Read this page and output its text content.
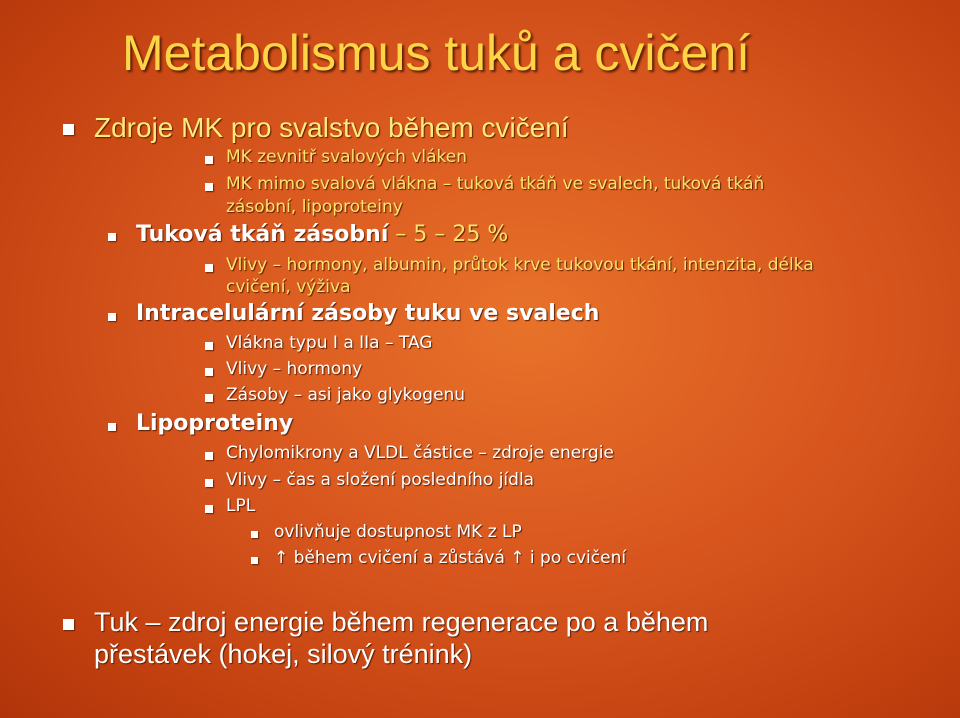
Metabolismus tuků a cvičení
Zdroje MK pro svalstvo během cvičení
MK zevnitř svalových vláken
MK mimo svalová vlákna – tuková tkáň ve svalech, tuková tkáň
zásobní, lipoproteiny
Tuková tkáň zásobní – 5 – 25 %
Vlivy – hormony, albumin, průtok krve tukovou tkání, intenzita, délka
cvičení, výživa
Intracelulární zásoby tuku ve svalech
Vlákna typu I a IIa – TAG
Vlivy – hormony
Zásoby – asi jako glykogenu
Lipoproteiny
Chylomikrony a VLDL částice – zdroje energie
Vlivy – čas a složení posledního jídla
LPL
ovlivňuje dostupnost MK z LP
↑ během cvičení a zůstává ↑ i po cvičení
Tuk – zdroj energie během regenerace po a během
přestávek (hokej, silový trénink)
